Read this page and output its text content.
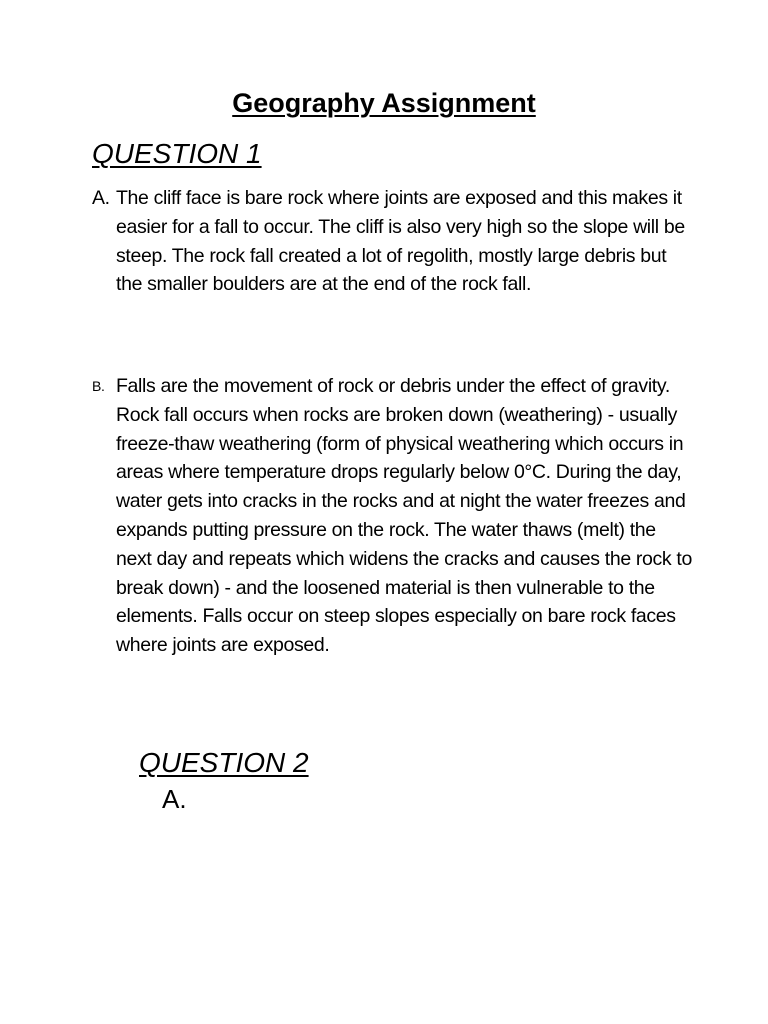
Geography Assignment
QUESTION 1
A. The cliff face is bare rock where joints are exposed and this makes it easier for a fall to occur. The cliff is also very high so the slope will be steep. The rock fall created a lot of regolith, mostly large debris but the smaller boulders are at the end of the rock fall.
B. Falls are the movement of rock or debris under the effect of gravity. Rock fall occurs when rocks are broken down (weathering) - usually freeze-thaw weathering (form of physical weathering which occurs in areas where temperature drops regularly below 0°C. During the day, water gets into cracks in the rocks and at night the water freezes and expands putting pressure on the rock. The water thaws (melt) the next day and repeats which widens the cracks and causes the rock to break down) - and the loosened material is then vulnerable to the elements. Falls occur on steep slopes especially on bare rock faces where joints are exposed.
QUESTION 2
A.
